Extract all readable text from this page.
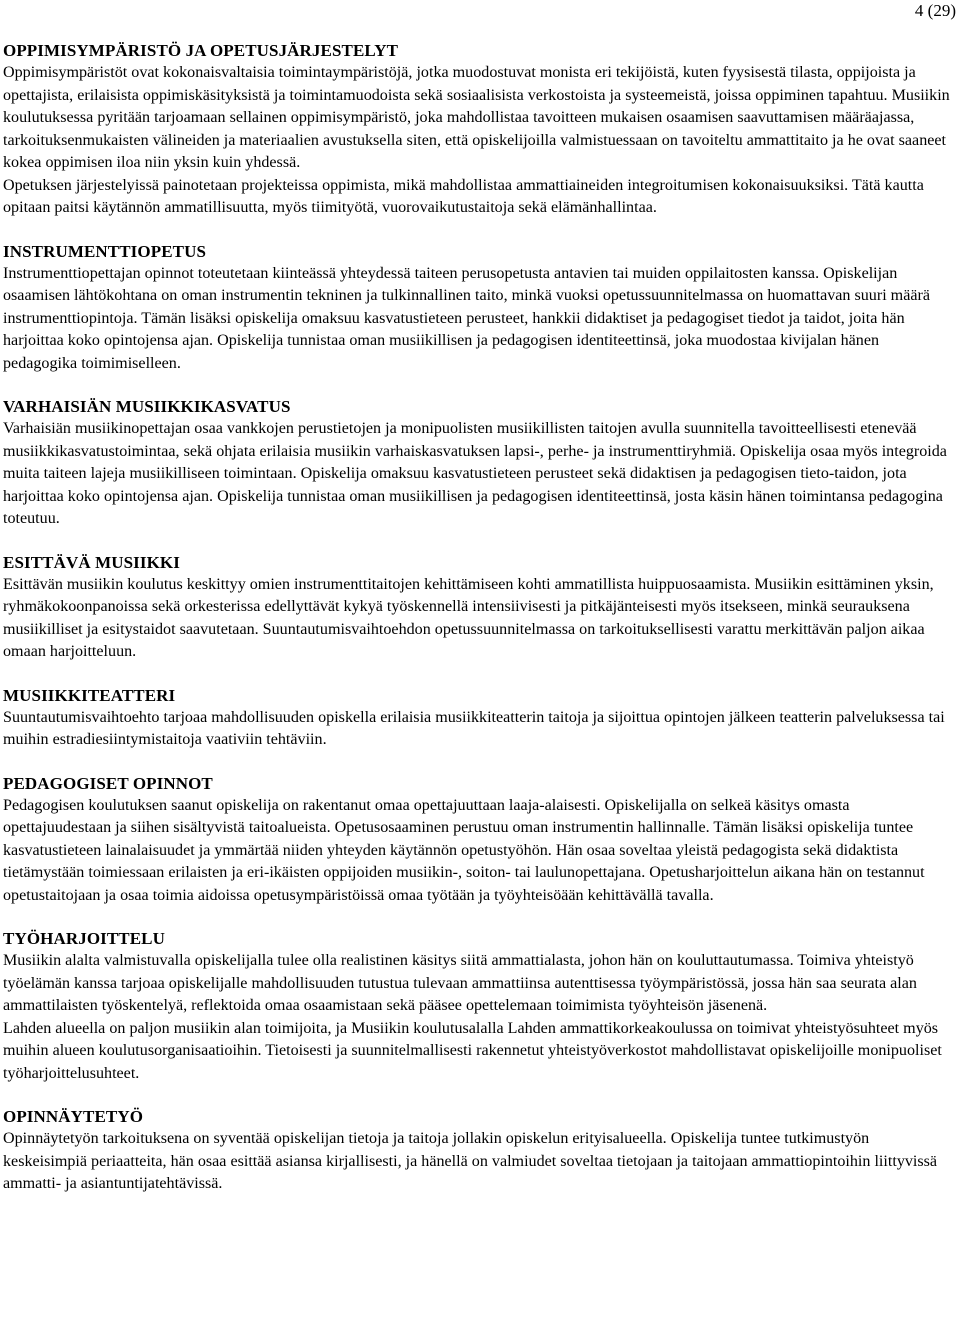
4 (29)
OPPIMISYMPÄRISTÖ JA OPETUSJÄRJESTELYT

Oppimisympäristöt ovat kokonaisvaltaisia toimintaympäristöjä, jotka muodostuvat monista eri tekijöistä, kuten fyysisestä tilasta, oppijoista ja opettajista, erilaisista oppimiskäsityksistä ja toimintamuodoista sekä sosiaalisista verkostoista ja systeemeistä, joissa oppiminen tapahtuu. Musiikin koulutuksessa pyritään tarjoamaan sellainen oppimisympäristö, joka mahdollistaa tavoitteen mukaisen osaamisen saavuttamisen määräajassa, tarkoituksenmukaisten välineiden ja materiaalien avustuksella siten, että opiskelijoilla valmistuessaan on tavoiteltu ammattitaito ja he ovat saaneet kokea oppimisen iloa niin yksin kuin yhdessä.

Opetuksen järjestelyissä painotetaan projekteissa oppimista, mikä mahdollistaa ammattiaineiden integroitumisen kokonaisuuksiksi. Tätä kautta opitaan paitsi käytännön ammatillisuutta, myös tiimityötä, vuorovaikutustaitoja sekä elämänhallintaa.

INSTRUMENTTIOPETUS

Instrumenttiopettajan opinnot toteutetaan kiinteässä yhteydessä taiteen perusopetusta antavien tai muiden oppilaitosten kanssa. Opiskelijan osaamisen lähtökohtana on oman instrumentin tekninen ja tulkinnallinen taito, minkä vuoksi opetussuunnitelmassa on huomattavan suuri määrä instrumenttiopintoja. Tämän lisäksi opiskelija omaksuu kasvatustieteen perusteet, hankkii didaktiset ja pedagogiset tiedot ja taidot, joita hän harjoittaa koko opintojensa ajan. Opiskelija tunnistaa oman musiikillisen ja pedagogisen identiteettinsä, joka muodostaa kivijalan hänen pedagogika toimimiselleen.

VARHAISIÄN MUSIIKKIKASVATUS

Varhaisiän musiikinopettajan osaa vankkojen perustietojen ja monipuolisten musiikillisten taitojen avulla suunnitella tavoitteellisesti etenevää musiikkikasvatustoimintaa, sekä ohjata erilaisia musiikin varhaiskasvatuksen lapsi-, perhe- ja instrumenttiryhmiä. Opiskelija osaa myös integroida muita taiteen lajeja musiikilliseen toimintaan. Opiskelija omaksuu kasvatustieteen perusteet sekä didaktisen ja pedagogisen tieto-taidon, jota harjoittaa koko opintojensa ajan. Opiskelija tunnistaa oman musiikillisen ja pedagogisen identiteettinsä, josta käsin hänen toimintansa pedagogina toteutuu.

ESITTÄVÄ MUSIIKKI

Esittävän musiikin koulutus keskittyy omien instrumenttitaitojen kehittämiseen kohti ammatillista huippuosaamista. Musiikin esittäminen yksin, ryhmäkokoonpanoissa sekä orkesterissa edellyttävät kykyä työskennellä intensiivisesti ja pitkäjänteisesti myös itsekseen, minkä seurauksena musiikilliset ja esitystaidot saavutetaan. Suuntautumisvaihtoehdon opetussuunnitelmassa on tarkoituksellisesti varattu merkittävän paljon aikaa omaan harjoitteluun.

MUSIIKKITEATTERI

Suuntautumisvaihtoehto tarjoaa mahdollisuuden opiskella erilaisia musiikkiteatterin taitoja ja sijoittua opintojen jälkeen teatterin palveluksessa tai muihin estradiesiintymistaitoja vaativiin tehtäviin.

PEDAGOGISET OPINNOT

Pedagogisen koulutuksen saanut opiskelija on rakentanut omaa opettajuuttaan laaja-alaisesti. Opiskelijalla on selkeä käsitys omasta opettajuudestaan ja siihen sisältyvistä taitoalueista. Opetusosaaminen perustuu oman instrumentin hallinnalle. Tämän lisäksi opiskelija tuntee kasvatustieteen lainalaisuudet ja ymmärtää niiden yhteyden käytännön opetustyöhön. Hän osaa soveltaa yleistä pedagogista sekä didaktista tietämystään toimiessaan erilaisten ja eri-ikäisten oppijoiden musiikin-, soiton- tai laulunopettajana. Opetusharjoittelun aikana hän on testannut opetustaitojaan ja osaa toimia aidoissa opetusympäristöissä omaa työtään ja työyhteisöään kehittävällä tavalla.

TYÖHARJOITTELU

Musiikin alalta valmistuvalla opiskelijalla tulee olla realistinen käsitys siitä ammattialasta, johon hän on kouluttautumassa. Toimiva yhteistyö työelämän kanssa tarjoaa opiskelijalle mahdollisuuden tutustua tulevaan ammattiinsa autenttisessa työympäristössä, jossa hän saa seurata alan ammattilaisten työskentelyä, reflektoida omaa osaamistaan sekä pääsee opettelemaan toimimista työyhteisön jäsenenä.

Lahden alueella on paljon musiikin alan toimijoita, ja Musiikin koulutusalalla Lahden ammattikorkeakoulussa on toimivat yhteistyösuhteet myös muihin alueen koulutusorganisaatioihin. Tietoisesti ja suunnitelmallisesti rakennetut yhteistyöverkostot mahdollistavat opiskelijoille monipuoliset työharjoittelusuhteet.

OPINNÄYTETYÖ

Opinnäytetyön tarkoituksena on syventää opiskelijan tietoja ja taitoja jollakin opiskelun erityisalueella. Opiskelija tuntee tutkimustyön keskeisimpiä periaatteita, hän osaa esittää asiansa kirjallisesti, ja hänellä on valmiudet soveltaa tietojaan ja taitojaan ammattiopintoihin liittyvissä ammatti- ja asiantuntijatehtävissä.
